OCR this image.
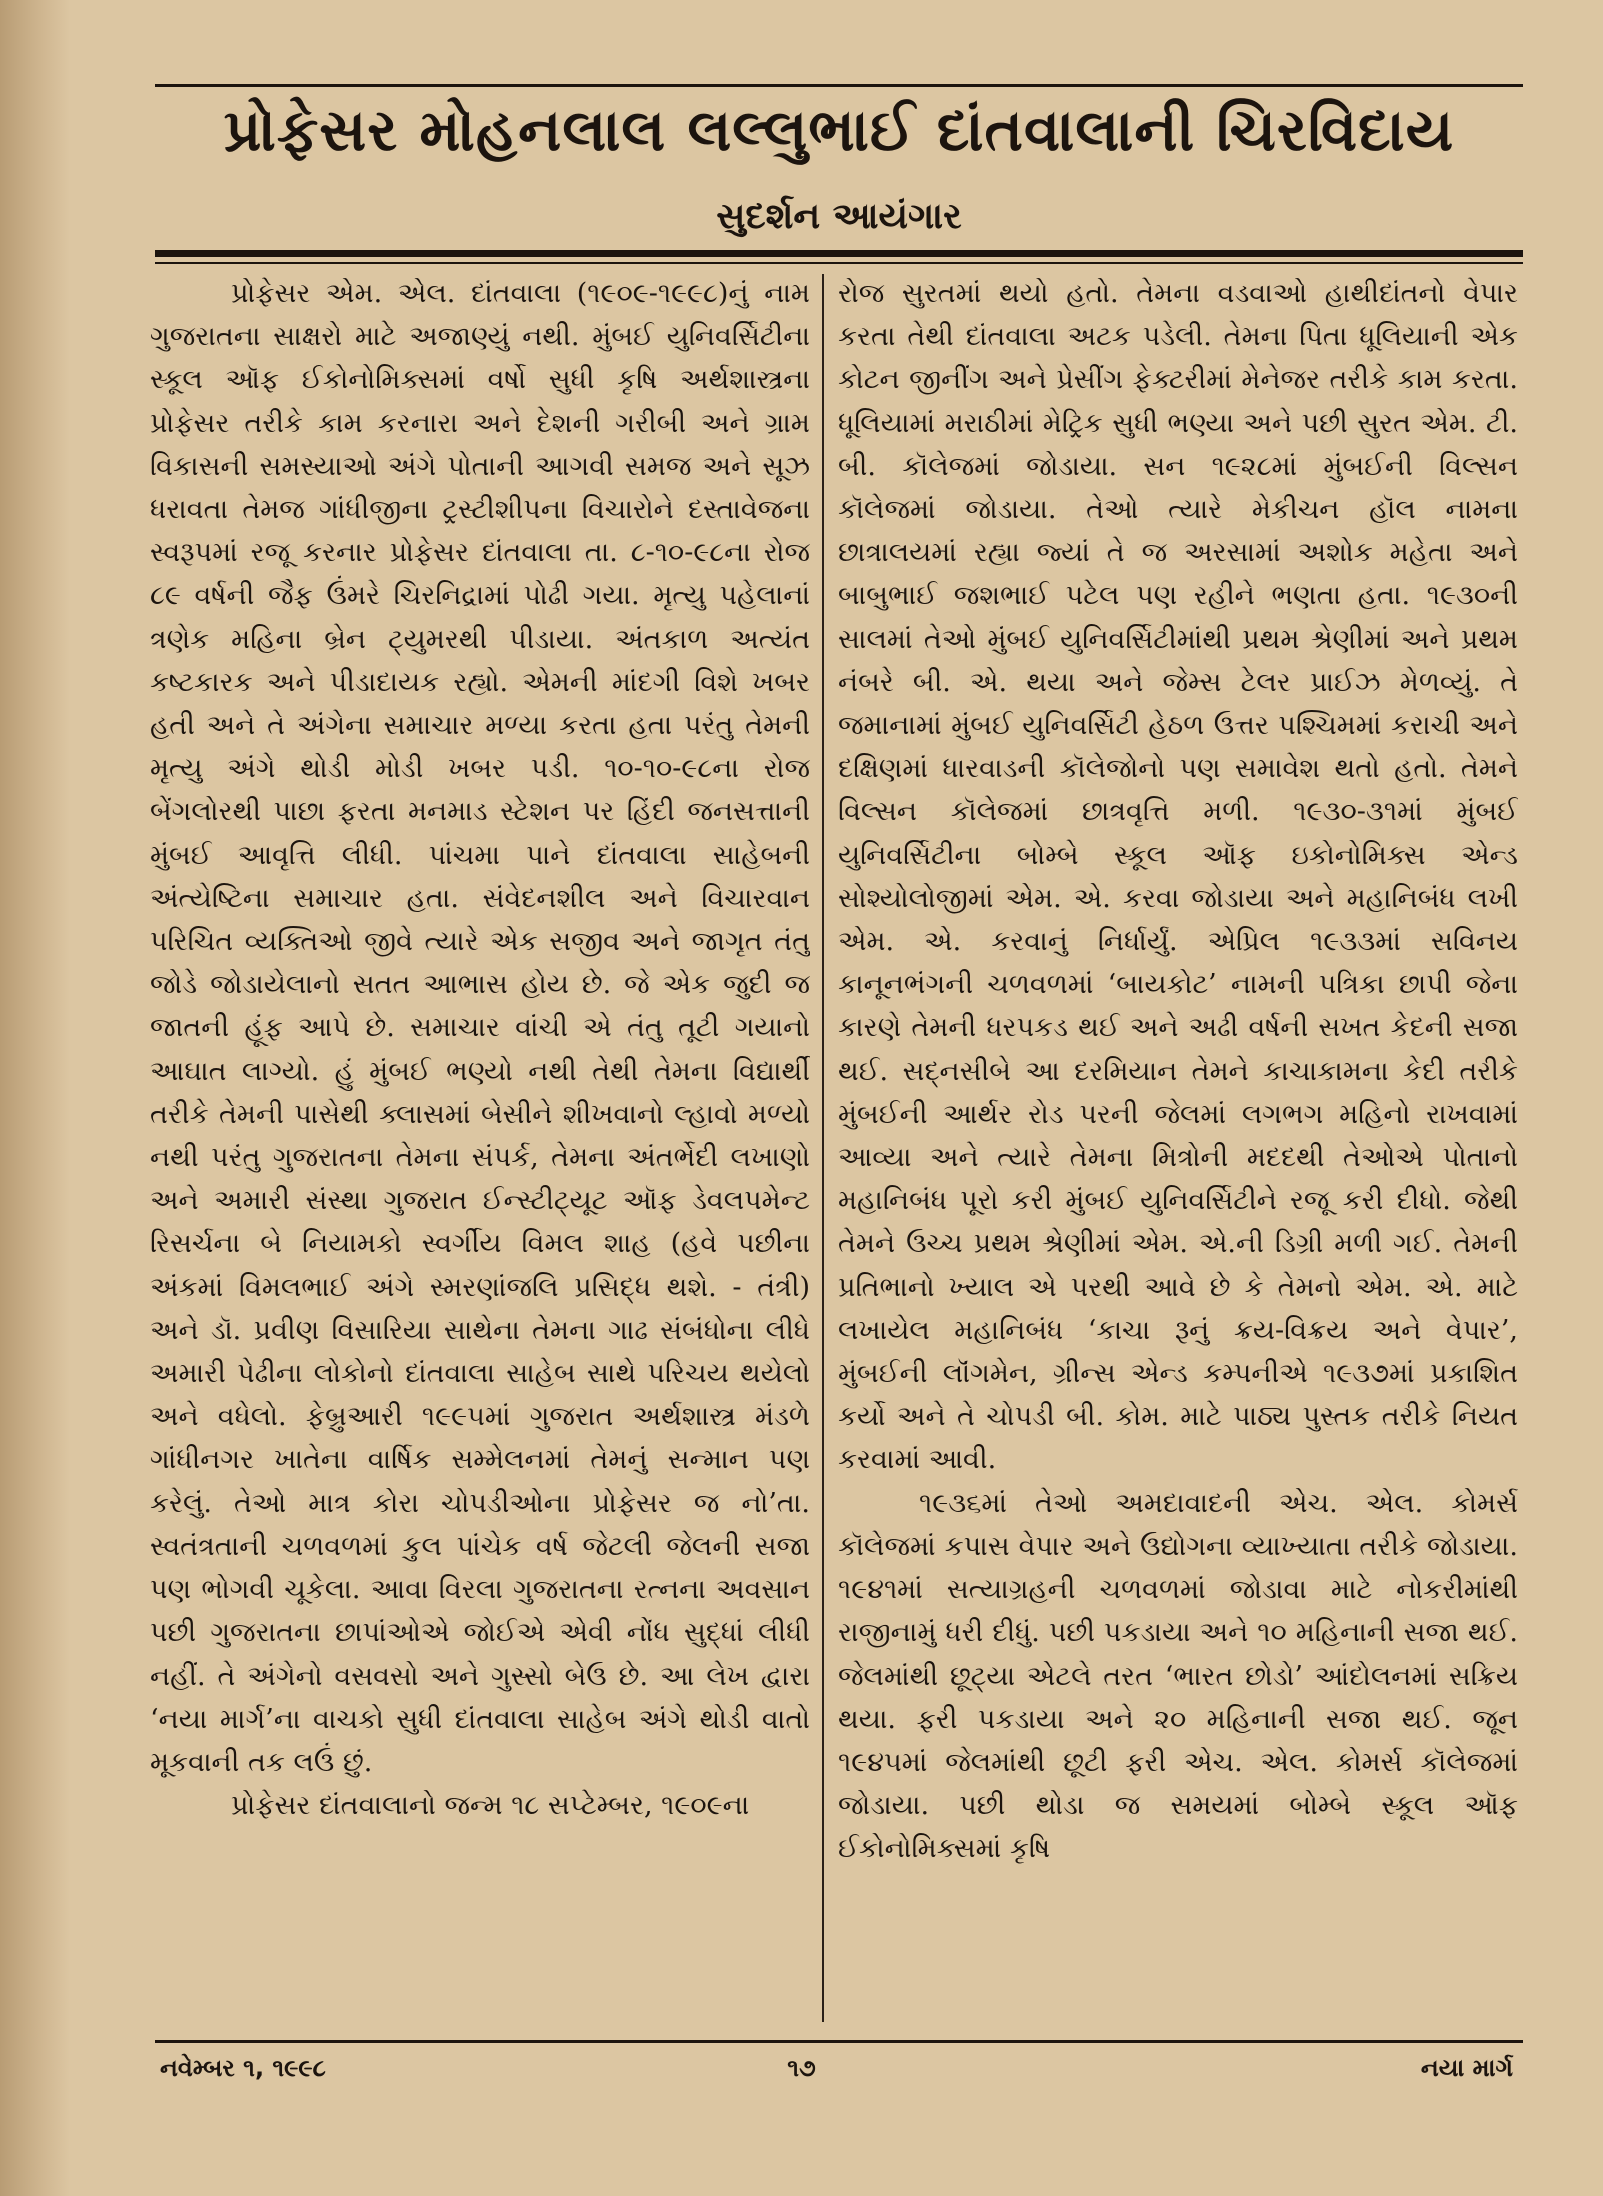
પ્રોફેસર મોહનલાલ લલ્લુભાઈ દાંતવાલાની ચિરવિદાય
સુદર્શન આયંગાર

પ્રોફેસર એમ. એલ. દાંતવાલા (૧૯૦૯-૧૯૯૮)નું નામ ગુજરાતના સાક્ષરો માટે અજાણ્યું નથી. મુંબઈ યુનિવર્સિટીના સ્કૂલ ઑફ ઈકોનોમિક્સમાં વર્ષો સુધી કૃષિ અર્થશાસ્ત્રના પ્રોફેસર તરીકે કામ કરનારા અને દેશની ગરીબી અને ગ્રામ વિકાસની સમસ્યાઓ અંગે પોતાની આગવી સમજ અને સૂઝ ધરાવતા તેમજ ગાંધીજીના ટ્રસ્ટીશીપના વિચારોને દસ્તાવેજના સ્વરૂપમાં રજૂ કરનાર પ્રોફેસર દાંતવાલા તા. ૮-૧૦-૯૮ના રોજ ૮૯ વર્ષની જૈફ ઉંમરે ચિરનિદ્રામાં પોઢી ગયા. મૃત્યુ પહેલાનાં ત્રણેક મહિના બ્રેન ટ્યુમરથી પીડાયા. અંતકાળ અત્યંત કષ્ટકારક અને પીડાદાયક રહ્યો. એમની માંદગી વિશે ખબર હતી અને તે અંગેના સમાચાર મળ્યા કરતા હતા પરંતુ તેમની મૃત્યુ અંગે થોડી મોડી ખબર પડી. ૧૦-૧૦-૯૮ના રોજ બેંગલોરથી પાછા ફરતા મનમાડ સ્ટેશન પર હિંદી જનસત્તાની મુંબઈ આવૃત્તિ લીધી. પાંચમા પાને દાંતવાલા સાહેબની અંત્યેષ્ટિના સમાચાર હતા. સંવેદનશીલ અને વિચારવાન પરિચિત વ્યક્તિઓ જીવે ત્યારે એક સજીવ અને જાગૃત તંતુ જોડે જોડાયેલાનો સતત આભાસ હોય છે. જે એક જુદી જ જાતની હૂંફ આપે છે. સમાચાર વાંચી એ તંતુ તૂટી ગયાનો આઘાત લાગ્યો. હું મુંબઈ ભણ્યો નથી તેથી તેમના વિદ્યાર્થી તરીકે તેમની પાસેથી ક્લાસમાં બેસીને શીખવાનો લ્હાવો મળ્યો નથી પરંતુ ગુજરાતના તેમના સંપર્ક, તેમના અંતર્ભેદી લખાણો અને અમારી સંસ્થા ગુજરાત ઈન્સ્ટીટ્યૂટ ઑફ ડેવલપમેન્ટ રિસર્ચના બે નિયામકો સ્વર્ગીય વિમલ શાહ (હવે પછીના અંકમાં વિમલભાઈ અંગે સ્મરણાંજલિ પ્રસિદ્ધ થશે. - તંત્રી) અને ડૉ. પ્રવીણ વિસારિયા સાથેના તેમના ગાઢ સંબંધોના લીધે અમારી પેઢીના લોકોનો દાંતવાલા સાહેબ સાથે પરિચય થયેલો અને વધેલો. ફેબ્રુઆરી ૧૯૯૫માં ગુજરાત અર્થશાસ્ત્ર મંડળે ગાંધીનગર ખાતેના વાર્ષિક સમ્મેલનમાં તેમનું સન્માન પણ કરેલું. તેઓ માત્ર કોરા ચોપડીઓના પ્રોફેસર જ નો’તા. સ્વતંત્રતાની ચળવળમાં કુલ પાંચેક વર્ષ જેટલી જેલની સજા પણ ભોગવી ચૂકેલા. આવા વિરલા ગુજરાતના રત્નના અવસાન પછી ગુજરાતના છાપાંઓએ જોઈએ એવી નોંધ સુદ્ધાં લીધી નહીં. તે અંગેનો વસવસો અને ગુસ્સો બેઉ છે. આ લેખ દ્વારા ‘નયા માર્ગ’ના વાચકો સુધી દાંતવાલા સાહેબ અંગે થોડી વાતો મૂકવાની તક લઉં છું.

પ્રોફેસર દાંતવાલાનો જન્મ ૧૮ સપ્ટેમ્બર, ૧૯૦૯ના

રોજ સુરતમાં થયો હતો. તેમના વડવાઓ હાથીદાંતનો વેપાર કરતા તેથી દાંતવાલા અટક પડેલી. તેમના પિતા ધૂલિયાની એક કોટન જીનીંગ અને પ્રેસીંગ ફેક્ટરીમાં મેનેજર તરીકે કામ કરતા. ધૂલિયામાં મરાઠીમાં મેટ્રિક સુધી ભણ્યા અને પછી સુરત એમ. ટી. બી. કૉલેજમાં જોડાયા. સન ૧૯૨૮માં મુંબઈની વિલ્સન કૉલેજમાં જોડાયા. તેઓ ત્યારે મેકીચન હૉલ નામના છાત્રાલયમાં રહ્યા જ્યાં તે જ અરસામાં અશોક મહેતા અને બાબુભાઈ જશભાઈ પટેલ પણ રહીને ભણતા હતા. ૧૯૩૦ની સાલમાં તેઓ મુંબઈ યુનિવર્સિટીમાંથી પ્રથમ શ્રેણીમાં અને પ્રથમ નંબરે બી. એ. થયા અને જેમ્સ ટેલર પ્રાઈઝ મેળવ્યું. તે જમાનામાં મુંબઈ યુનિવર્સિટી હેઠળ ઉત્તર પશ્ચિમમાં કરાચી અને દક્ષિણમાં ધારવાડની કૉલેજોનો પણ સમાવેશ થતો હતો. તેમને વિલ્સન કૉલેજમાં છાત્રવૃત્તિ મળી. ૧૯૩૦-૩૧માં મુંબઈ યુનિવર્સિટીના બોમ્બે સ્કૂલ ઑફ ઇકોનોમિક્સ એન્ડ સોશ્યોલોજીમાં એમ. એ. કરવા જોડાયા અને મહાનિબંધ લખી એમ. એ. કરવાનું નિર્ધાર્યું. એપ્રિલ ૧૯૩૩માં સવિનય કાનૂનભંગની ચળવળમાં ‘બાયકોટ’ નામની પત્રિકા છાપી જેના કારણે તેમની ધરપકડ થઈ અને અઢી વર્ષની સખત કેદની સજા થઈ. સદ્નસીબે આ દરમિયાન તેમને કાચાકામના કેદી તરીકે મુંબઈની આર્થર રોડ પરની જેલમાં લગભગ મહિનો રાખવામાં આવ્યા અને ત્યારે તેમના મિત્રોની મદદથી તેઓએ પોતાનો મહાનિબંધ પૂરો કરી મુંબઈ યુનિવર્સિટીને રજૂ કરી દીધો. જેથી તેમને ઉચ્ચ પ્રથમ શ્રેણીમાં એમ. એ.ની ડિગ્રી મળી ગઈ. તેમની પ્રતિભાનો ખ્યાલ એ પરથી આવે છે કે તેમનો એમ. એ. માટે લખાયેલ મહાનિબંધ ‘કાચા રૂનું ક્રય-વિક્રય અને વેપાર’, મુંબઈની લૉંગમેન, ગ્રીન્સ એન્ડ કમ્પનીએ ૧૯૩૭માં પ્રકાશિત કર્યો અને તે ચોપડી બી. કોમ. માટે પાઠ્ય પુસ્તક તરીકે નિયત કરવામાં આવી.

૧૯૩૬માં તેઓ અમદાવાદની એચ. એલ. કોમર્સ કૉલેજમાં કપાસ વેપાર અને ઉદ્યોગના વ્યાખ્યાતા તરીકે જોડાયા. ૧૯૪૧માં સત્યાગ્રહની ચળવળમાં જોડાવા માટે નોકરીમાંથી રાજીનામું ધરી દીધું. પછી પકડાયા અને ૧૦ મહિનાની સજા થઈ. જેલમાંથી છૂટ્યા એટલે તરત ‘ભારત છોડો’ આંદોલનમાં સક્રિય થયા. ફરી પકડાયા અને ૨૦ મહિનાની સજા થઈ. જૂન ૧૯૪૫માં જેલમાંથી છૂટી ફરી એચ. એલ. કોમર્સ કૉલેજમાં જોડાયા. પછી થોડા જ સમયમાં બોમ્બે સ્કૂલ ઑફ ઈકોનોમિક્સમાં કૃષિ

નવેમ્બર ૧, ૧૯૯૮	૧૭	નયા માર્ગ
